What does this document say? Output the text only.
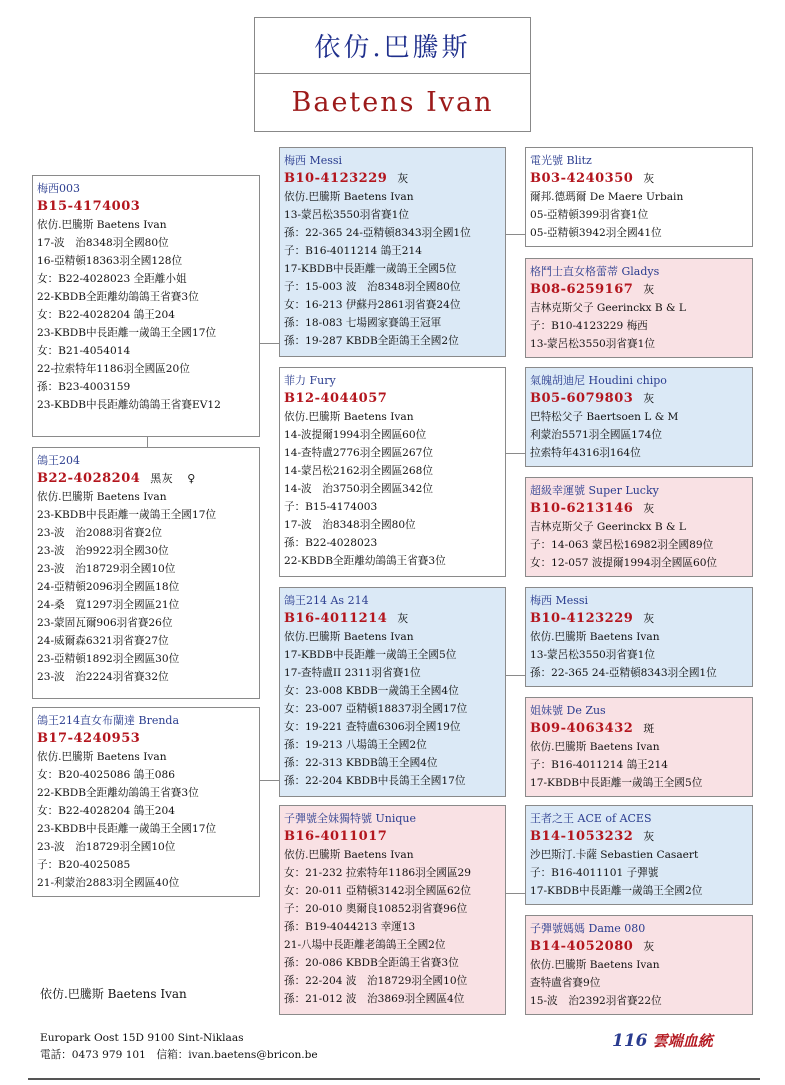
依仿.巴騰斯
Baetens Ivan
梅西003
B15-4174003
依仿.巴騰斯 Baetens Ivan
17-波　治8348羽全國80位
16-亞精頓18363羽全國128位
女：B22-4028023 全距離小姐
22-KBDB全距離幼鴿鴿王省賽3位
女：B22-4028204 鴿王204
23-KBDB中長距離一歲鴿王全國17位
女：B21-4054014
22-拉索特年1186羽全國區20位
孫：B23-4003159
23-KBDB中長距離幼鴿鴿王省賽EV12
鴿王204
B22-4028204 黑灰 ♀
依仿.巴騰斯 Baetens Ivan
23-KBDB中長距離一歲鴿王全國17位
23-波　治2088羽省賽2位
23-波　治9922羽全國30位
23-波　治18729羽全國10位
24-亞精頓2096羽全國區18位
24-桑　寬1297羽全國區21位
23-蒙固瓦爾906羽省賽26位
24-威爾森6321羽省賽27位
23-亞精頓1892羽全國區30位
23-波　治2224羽省賽32位
鴿王214直女布蘭達 Brenda
B17-4240953
依仿.巴騰斯 Baetens Ivan
女：B20-4025086 鴿王086
22-KBDB全距離幼鴿鴿王省賽3位
女：B22-4028204 鴿王204
23-KBDB中長距離一歲鴿王全國17位
23-波　治18729羽全國10位
子：B20-4025085
21-利蒙治2883羽全國區40位
梅西 Messi
B10-4123229 灰
依仿.巴騰斯 Baetens Ivan
13-蒙呂松3550羽省賽1位
孫：22-365 24-亞精頓8343羽全國1位
子：B16-4011214 鴿王214
17-KBDB中長距離一歲鴿王全國5位
子：15-003 波　治8348羽全國80位
女：16-213 伊蘇丹2861羽省賽24位
孫：18-083 七場國家賽鴿王冠軍
孫：19-287 KBDB全距鴿王全國2位
菲力 Fury
B12-4044057
依仿.巴騰斯 Baetens Ivan
14-波提爾1994羽全國區60位
14-查特盧2776羽全國區267位
14-蒙呂松2162羽全國區268位
14-波　治3750羽全國區342位
子：B15-4174003
17-波　治8348羽全國80位
孫：B22-4028023
22-KBDB全距離幼鴿鴿王省賽3位
鴿王214 As 214
B16-4011214 灰
依仿.巴騰斯 Baetens Ivan
17-KBDB中長距離一歲鴿王全國5位
17-查特盧II 2311羽省賽1位
女：23-008 KBDB一歲鴿王全國4位
女：23-007 亞精頓18837羽全國17位
女：19-221 查特盧6306羽全國19位
孫：19-213 八場鴿王全國2位
孫：22-313 KBDB鴿王全國4位
孫：22-204 KBDB中長鴿王全國17位
子彈號全妹獨特號 Unique
B16-4011017
依仿.巴騰斯 Baetens Ivan
女：21-232 拉索特年1186羽全國區29
女：20-011 亞精頓3142羽全國區62位
子：20-010 奧爾良10852羽省賽96位
孫：B19-4044213 幸運13
21-八場中長距離老鴿鴿王全國2位
孫：20-086 KBDB全距鴿王省賽3位
孫：22-204 波　治18729羽全國10位
孫：21-012 波　治3869羽全國區4位
電光號 Blitz
B03-4240350 灰
爾邦.德瑪爾 De Maere Urbain
05-亞精頓399羽省賽1位
05-亞精頓3942羽全國41位
格鬥士直女格蕾蒂 Gladys
B08-6259167 灰
吉林克斯父子 Geerinckx B & L
子：B10-4123229 梅西
13-蒙呂松3550羽省賽1位
氣魄胡迪尼 Houdini chipo
B05-6079803 灰
巴特松父子 Baertsoen L & M
利蒙治5571羽全國區174位
拉索特年4316羽164位
超級幸運號 Super Lucky
B10-6213146 灰
吉林克斯父子 Geerinckx B & L
子：14-063 蒙呂松16982羽全國89位
女：12-057 波提爾1994羽全國區60位
梅西 Messi
B10-4123229 灰
依仿.巴騰斯 Baetens Ivan
13-蒙呂松3550羽省賽1位
孫：22-365 24-亞精頓8343羽全國1位
姐妹號 De Zus
B09-4063432 斑
依仿.巴騰斯 Baetens Ivan
子：B16-4011214 鴿王214
17-KBDB中長距離一歲鴿王全國5位
王者之王 ACE of ACES
B14-1053232 灰
沙巴斯汀.卡薩 Sebastien Casaert
子：B16-4011101 子彈號
17-KBDB中長距離一歲鴿王全國2位
子彈號媽媽 Dame 080
B14-4052080 灰
依仿.巴騰斯 Baetens Ivan
查特盧省賽9位
15-波　治2392羽省賽22位
依仿.巴騰斯 Baetens Ivan
Europark Oost 15D 9100 Sint-Niklaas
電話：0473 979 101　信箱：ivan.baetens@bricon.be
116 雲端血統
